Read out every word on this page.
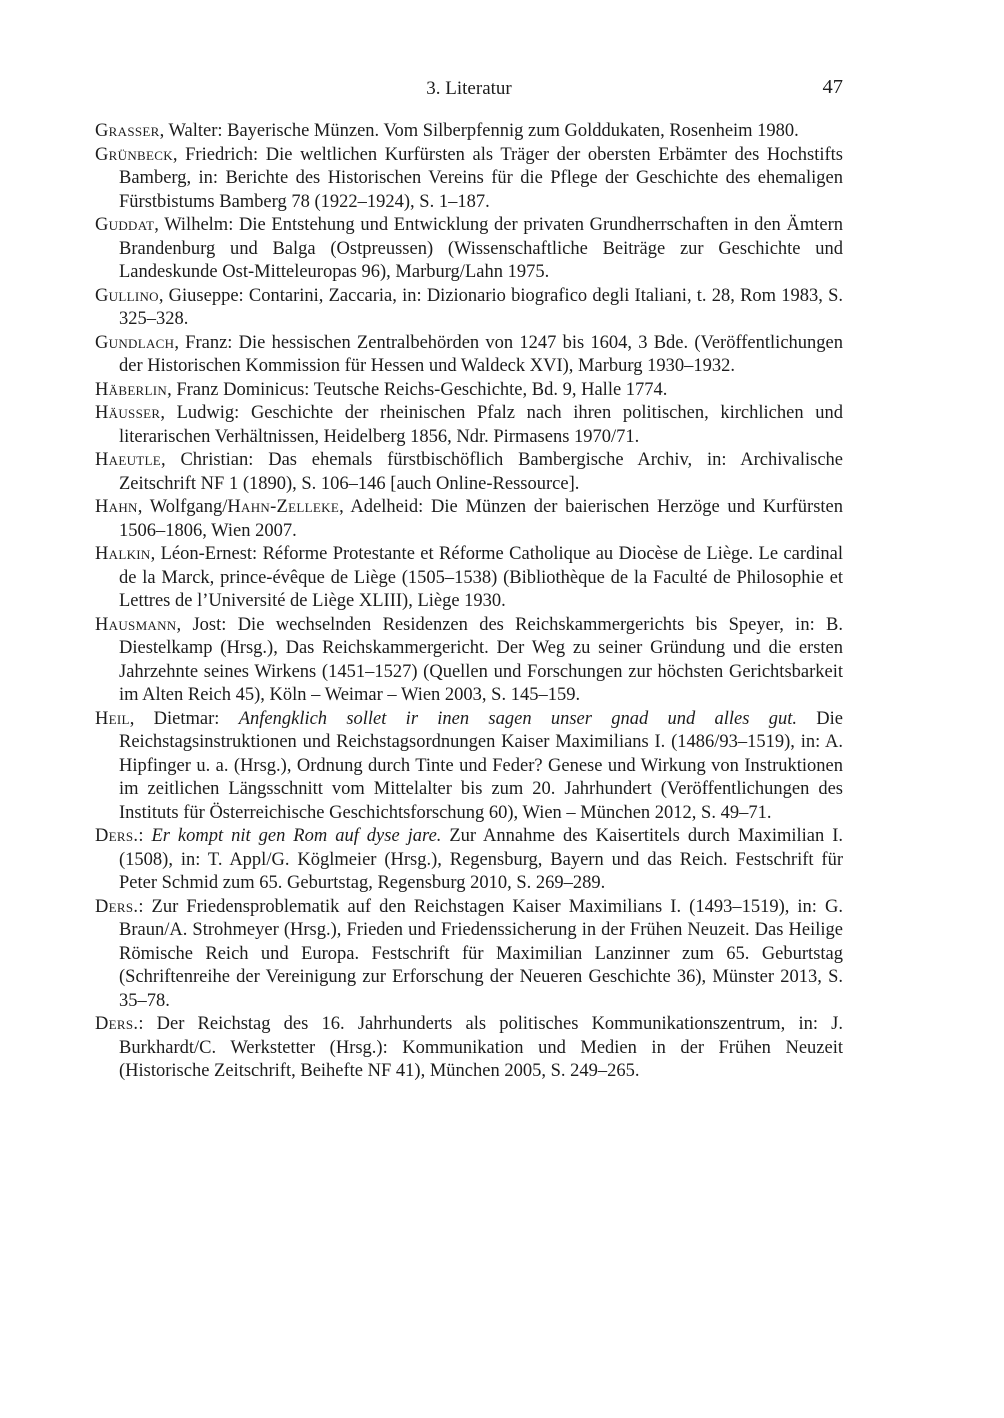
3. Literatur	47

Grasser, Walter: Bayerische Münzen. Vom Silberpfennig zum Golddukaten, Rosenheim 1980.

Grünbeck, Friedrich: Die weltlichen Kurfürsten als Träger der obersten Erbämter des Hochstifts Bamberg, in: Berichte des Historischen Vereins für die Pflege der Geschichte des ehemaligen Fürstbistums Bamberg 78 (1922–1924), S. 1–187.

Guddat, Wilhelm: Die Entstehung und Entwicklung der privaten Grundherrschaften in den Ämtern Brandenburg und Balga (Ostpreussen) (Wissenschaftliche Beiträge zur Geschichte und Landeskunde Ost-Mitteleuropas 96), Marburg/Lahn 1975.

Gullino, Giuseppe: Contarini, Zaccaria, in: Dizionario biografico degli Italiani, t. 28, Rom 1983, S. 325–328.

Gundlach, Franz: Die hessischen Zentralbehörden von 1247 bis 1604, 3 Bde. (Veröffentlichungen der Historischen Kommission für Hessen und Waldeck XVI), Marburg 1930–1932.

Häberlin, Franz Dominicus: Teutsche Reichs-Geschichte, Bd. 9, Halle 1774.

Häusser, Ludwig: Geschichte der rheinischen Pfalz nach ihren politischen, kirchlichen und literarischen Verhältnissen, Heidelberg 1856, Ndr. Pirmasens 1970/71.

Haeutle, Christian: Das ehemals fürstbischöflich Bambergische Archiv, in: Archivalische Zeitschrift NF 1 (1890), S. 106–146 [auch Online-Ressource].

Hahn, Wolfgang/Hahn-Zelleke, Adelheid: Die Münzen der baierischen Herzöge und Kurfürsten 1506–1806, Wien 2007.

Halkin, Léon-Ernest: Réforme Protestante et Réforme Catholique au Diocèse de Liège. Le cardinal de la Marck, prince-évêque de Liège (1505–1538) (Bibliothèque de la Faculté de Philosophie et Lettres de l’Université de Liège XLIII), Liège 1930.

Hausmann, Jost: Die wechselnden Residenzen des Reichskammergerichts bis Speyer, in: B. Diestelkamp (Hrsg.), Das Reichskammergericht. Der Weg zu seiner Gründung und die ersten Jahrzehnte seines Wirkens (1451–1527) (Quellen und Forschungen zur höchsten Gerichtsbarkeit im Alten Reich 45), Köln – Weimar – Wien 2003, S. 145–159.

Heil, Dietmar: Anfengklich sollet ir inen sagen unser gnad und alles gut. Die Reichstagsinstruktionen und Reichstagsordnungen Kaiser Maximilians I. (1486/93–1519), in: A. Hipfinger u. a. (Hrsg.), Ordnung durch Tinte und Feder? Genese und Wirkung von Instruktionen im zeitlichen Längsschnitt vom Mittelalter bis zum 20. Jahrhundert (Veröffentlichungen des Instituts für Österreichische Geschichtsforschung 60), Wien – München 2012, S. 49–71.

Ders.: Er kompt nit gen Rom auf dyse jare. Zur Annahme des Kaisertitels durch Maximilian I. (1508), in: T. Appl/G. Köglmeier (Hrsg.), Regensburg, Bayern und das Reich. Festschrift für Peter Schmid zum 65. Geburtstag, Regensburg 2010, S. 269–289.

Ders.: Zur Friedensproblematik auf den Reichstagen Kaiser Maximilians I. (1493–1519), in: G. Braun/A. Strohmeyer (Hrsg.), Frieden und Friedenssicherung in der Frühen Neuzeit. Das Heilige Römische Reich und Europa. Festschrift für Maximilian Lanzinner zum 65. Geburtstag (Schriftenreihe der Vereinigung zur Erforschung der Neueren Geschichte 36), Münster 2013, S. 35–78.

Ders.: Der Reichstag des 16. Jahrhunderts als politisches Kommunikationszentrum, in: J. Burkhardt/C. Werkstetter (Hrsg.): Kommunikation und Medien in der Frühen Neuzeit (Historische Zeitschrift, Beihefte NF 41), München 2005, S. 249–265.
